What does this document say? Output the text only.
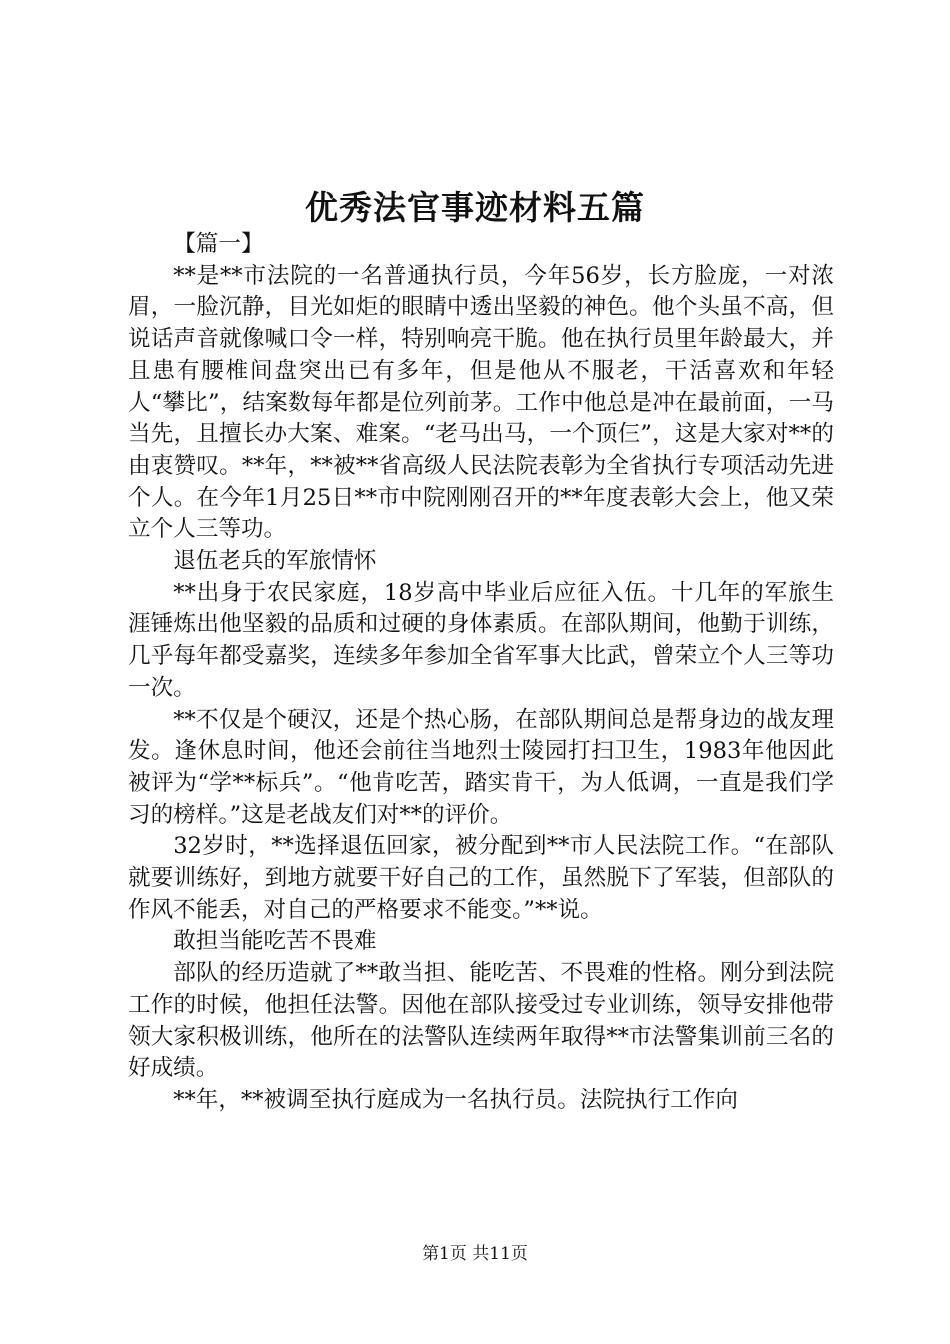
优秀法官事迹材料五篇

【篇一】

**是**市法院的一名普通执行员，今年56岁，长方脸庞，一对浓眉，一脸沉静，目光如炬的眼睛中透出坚毅的神色。他个头虽不高，但说话声音就像喊口令一样，特别响亮干脆。他在执行员里年龄最大，并且患有腰椎间盘突出已有多年，但是他从不服老，干活喜欢和年轻人“攀比”，结案数每年都是位列前茅。工作中他总是冲在最前面，一马当先，且擅长办大案、难案。“老马出马，一个顶仨”，这是大家对**的由衷赞叹。**年，**被**省高级人民法院表彰为全省执行专项活动先进个人。在今年1月25日**市中院刚刚召开的**年度表彰大会上，他又荣立个人三等功。

退伍老兵的军旅情怀

**出身于农民家庭，18岁高中毕业后应征入伍。十几年的军旅生涯锤炼出他坚毅的品质和过硬的身体素质。在部队期间，他勤于训练，几乎每年都受嘉奖，连续多年参加全省军事大比武，曾荣立个人三等功一次。

**不仅是个硬汉，还是个热心肠，在部队期间总是帮身边的战友理发。逢休息时间，他还会前往当地烈士陵园打扫卫生，1983年他因此被评为“学**标兵”。“他肯吃苦，踏实肯干，为人低调，一直是我们学习的榜样。”这是老战友们对**的评价。

32岁时，**选择退伍回家，被分配到**市人民法院工作。“在部队就要训练好，到地方就要干好自己的工作，虽然脱下了军装，但部队的作风不能丢，对自己的严格要求不能变。”**说。

敢担当能吃苦不畏难

部队的经历造就了**敢当担、能吃苦、不畏难的性格。刚分到法院工作的时候，他担任法警。因他在部队接受过专业训练，领导安排他带领大家积极训练，他所在的法警队连续两年取得**市法警集训前三名的好成绩。

**年，**被调至执行庭成为一名执行员。法院执行工作向

第1页 共11页
